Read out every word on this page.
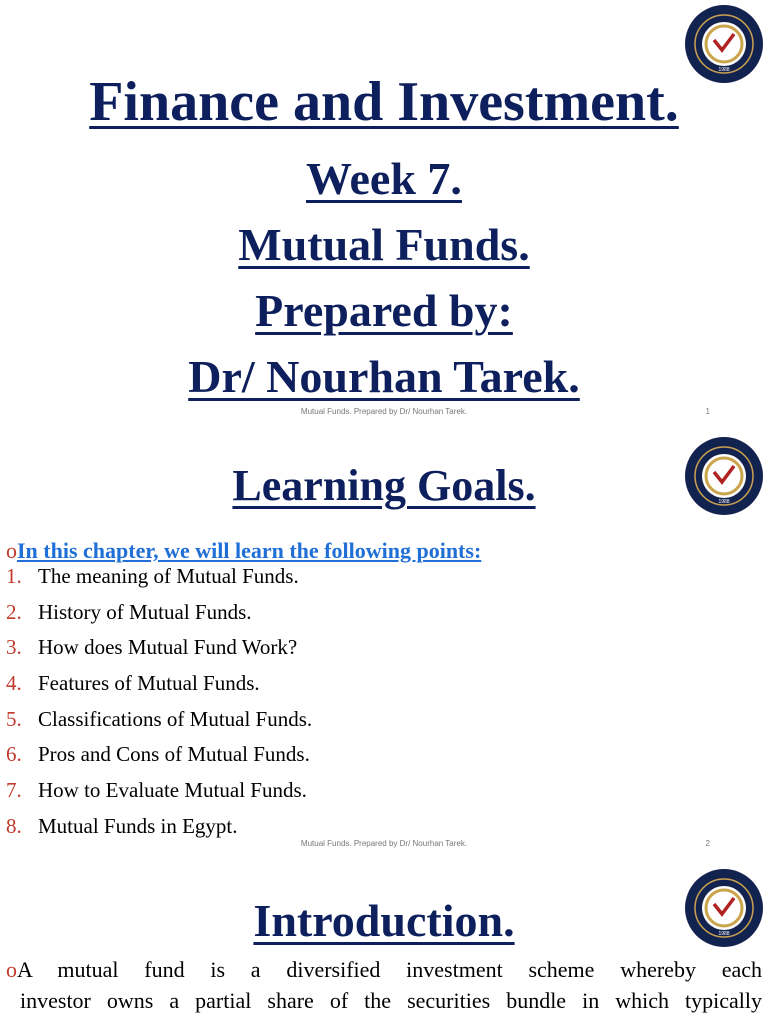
1988
Finance and Investment.
Week 7.
Mutual Funds.
Prepared by:
Dr/ Nourhan Tarek.
Mutual Funds. Prepared by Dr/ Nourhan Tarek.	1
1988
Learning Goals.
Mutual Funds. Prepared by Dr/ Nourhan Tarek.	2
oIn this chapter, we will learn the following points:
1. The meaning of Mutual Funds.
2. History of Mutual Funds.
3. How does Mutual Fund Work?
4. Features of Mutual Funds.
5. Classifications of Mutual Funds.
6. Pros and Cons of Mutual Funds.
7. How to Evaluate Mutual Funds.
8. Mutual Funds in Egypt.
1988
Introduction.
oA mutual fund is a diversified investment scheme whereby each
investor owns a partial share of the securities bundle in which typically
